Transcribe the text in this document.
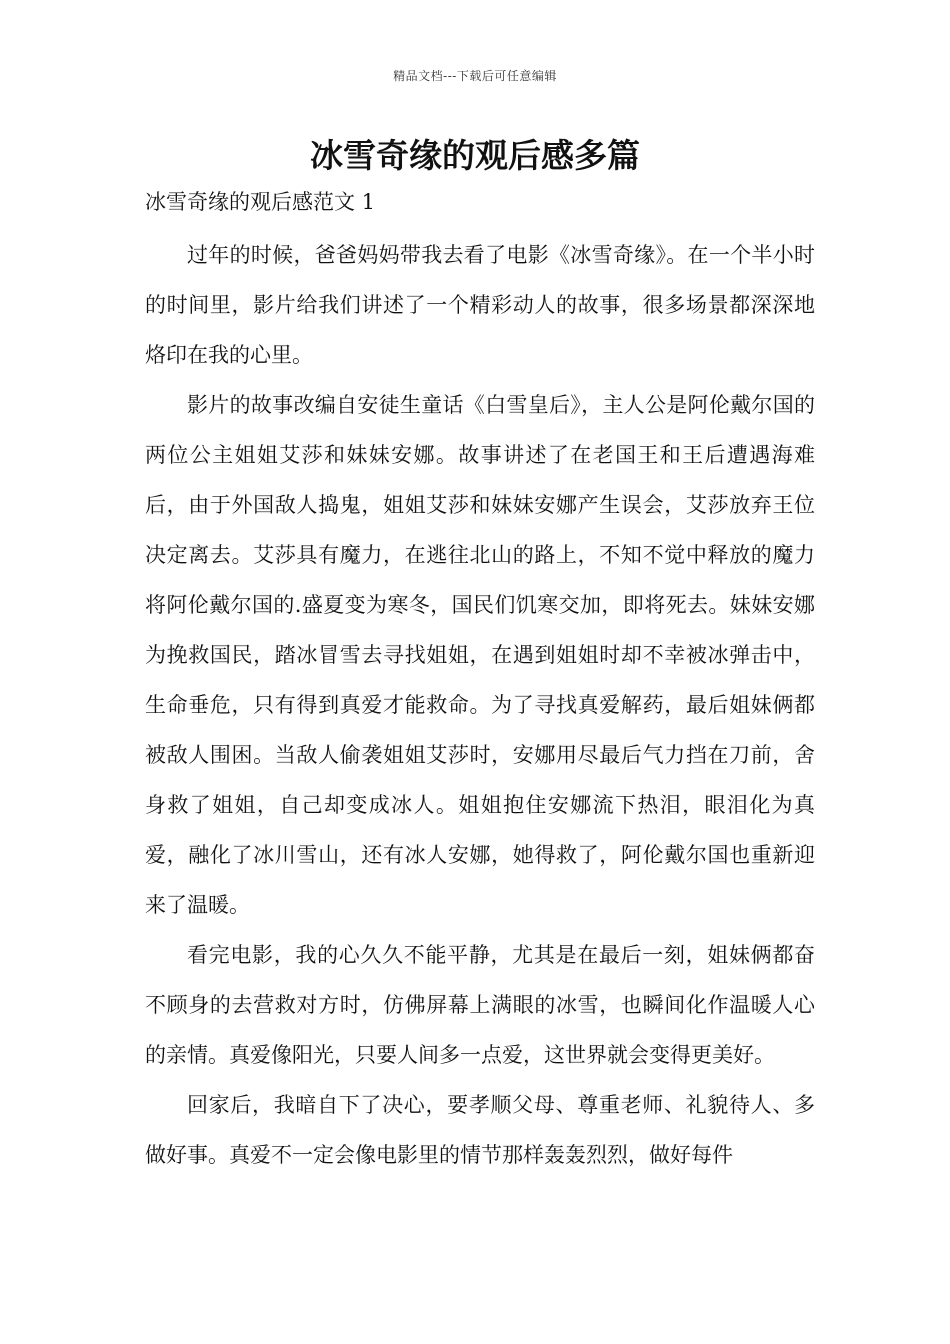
精品文档---下载后可任意编辑
冰雪奇缘的观后感多篇
冰雪奇缘的观后感范文 1

过年的时候，爸爸妈妈带我去看了电影《冰雪奇缘》。在一个半小时的时间里，影片给我们讲述了一个精彩动人的故事，很多场景都深深地烙印在我的心里。

影片的故事改编自安徒生童话《白雪皇后》，主人公是阿伦戴尔国的两位公主姐姐艾莎和妹妹安娜。故事讲述了在老国王和王后遭遇海难后，由于外国敌人捣鬼，姐姐艾莎和妹妹安娜产生误会，艾莎放弃王位决定离去。艾莎具有魔力，在逃往北山的路上，不知不觉中释放的魔力将阿伦戴尔国的.盛夏变为寒冬，国民们饥寒交加，即将死去。妹妹安娜为挽救国民，踏冰冒雪去寻找姐姐，在遇到姐姐时却不幸被冰弹击中，生命垂危，只有得到真爱才能救命。为了寻找真爱解药，最后姐妹俩都被敌人围困。当敌人偷袭姐姐艾莎时，安娜用尽最后气力挡在刀前，舍身救了姐姐，自己却变成冰人。姐姐抱住安娜流下热泪，眼泪化为真爱，融化了冰川雪山，还有冰人安娜，她得救了，阿伦戴尔国也重新迎来了温暖。

看完电影，我的心久久不能平静，尤其是在最后一刻，姐妹俩都奋不顾身的去营救对方时，仿佛屏幕上满眼的冰雪，也瞬间化作温暖人心的亲情。真爱像阳光，只要人间多一点爱，这世界就会变得更美好。

回家后，我暗自下了决心，要孝顺父母、尊重老师、礼貌待人、多做好事。真爱不一定会像电影里的情节那样轰轰烈烈，做好每件
